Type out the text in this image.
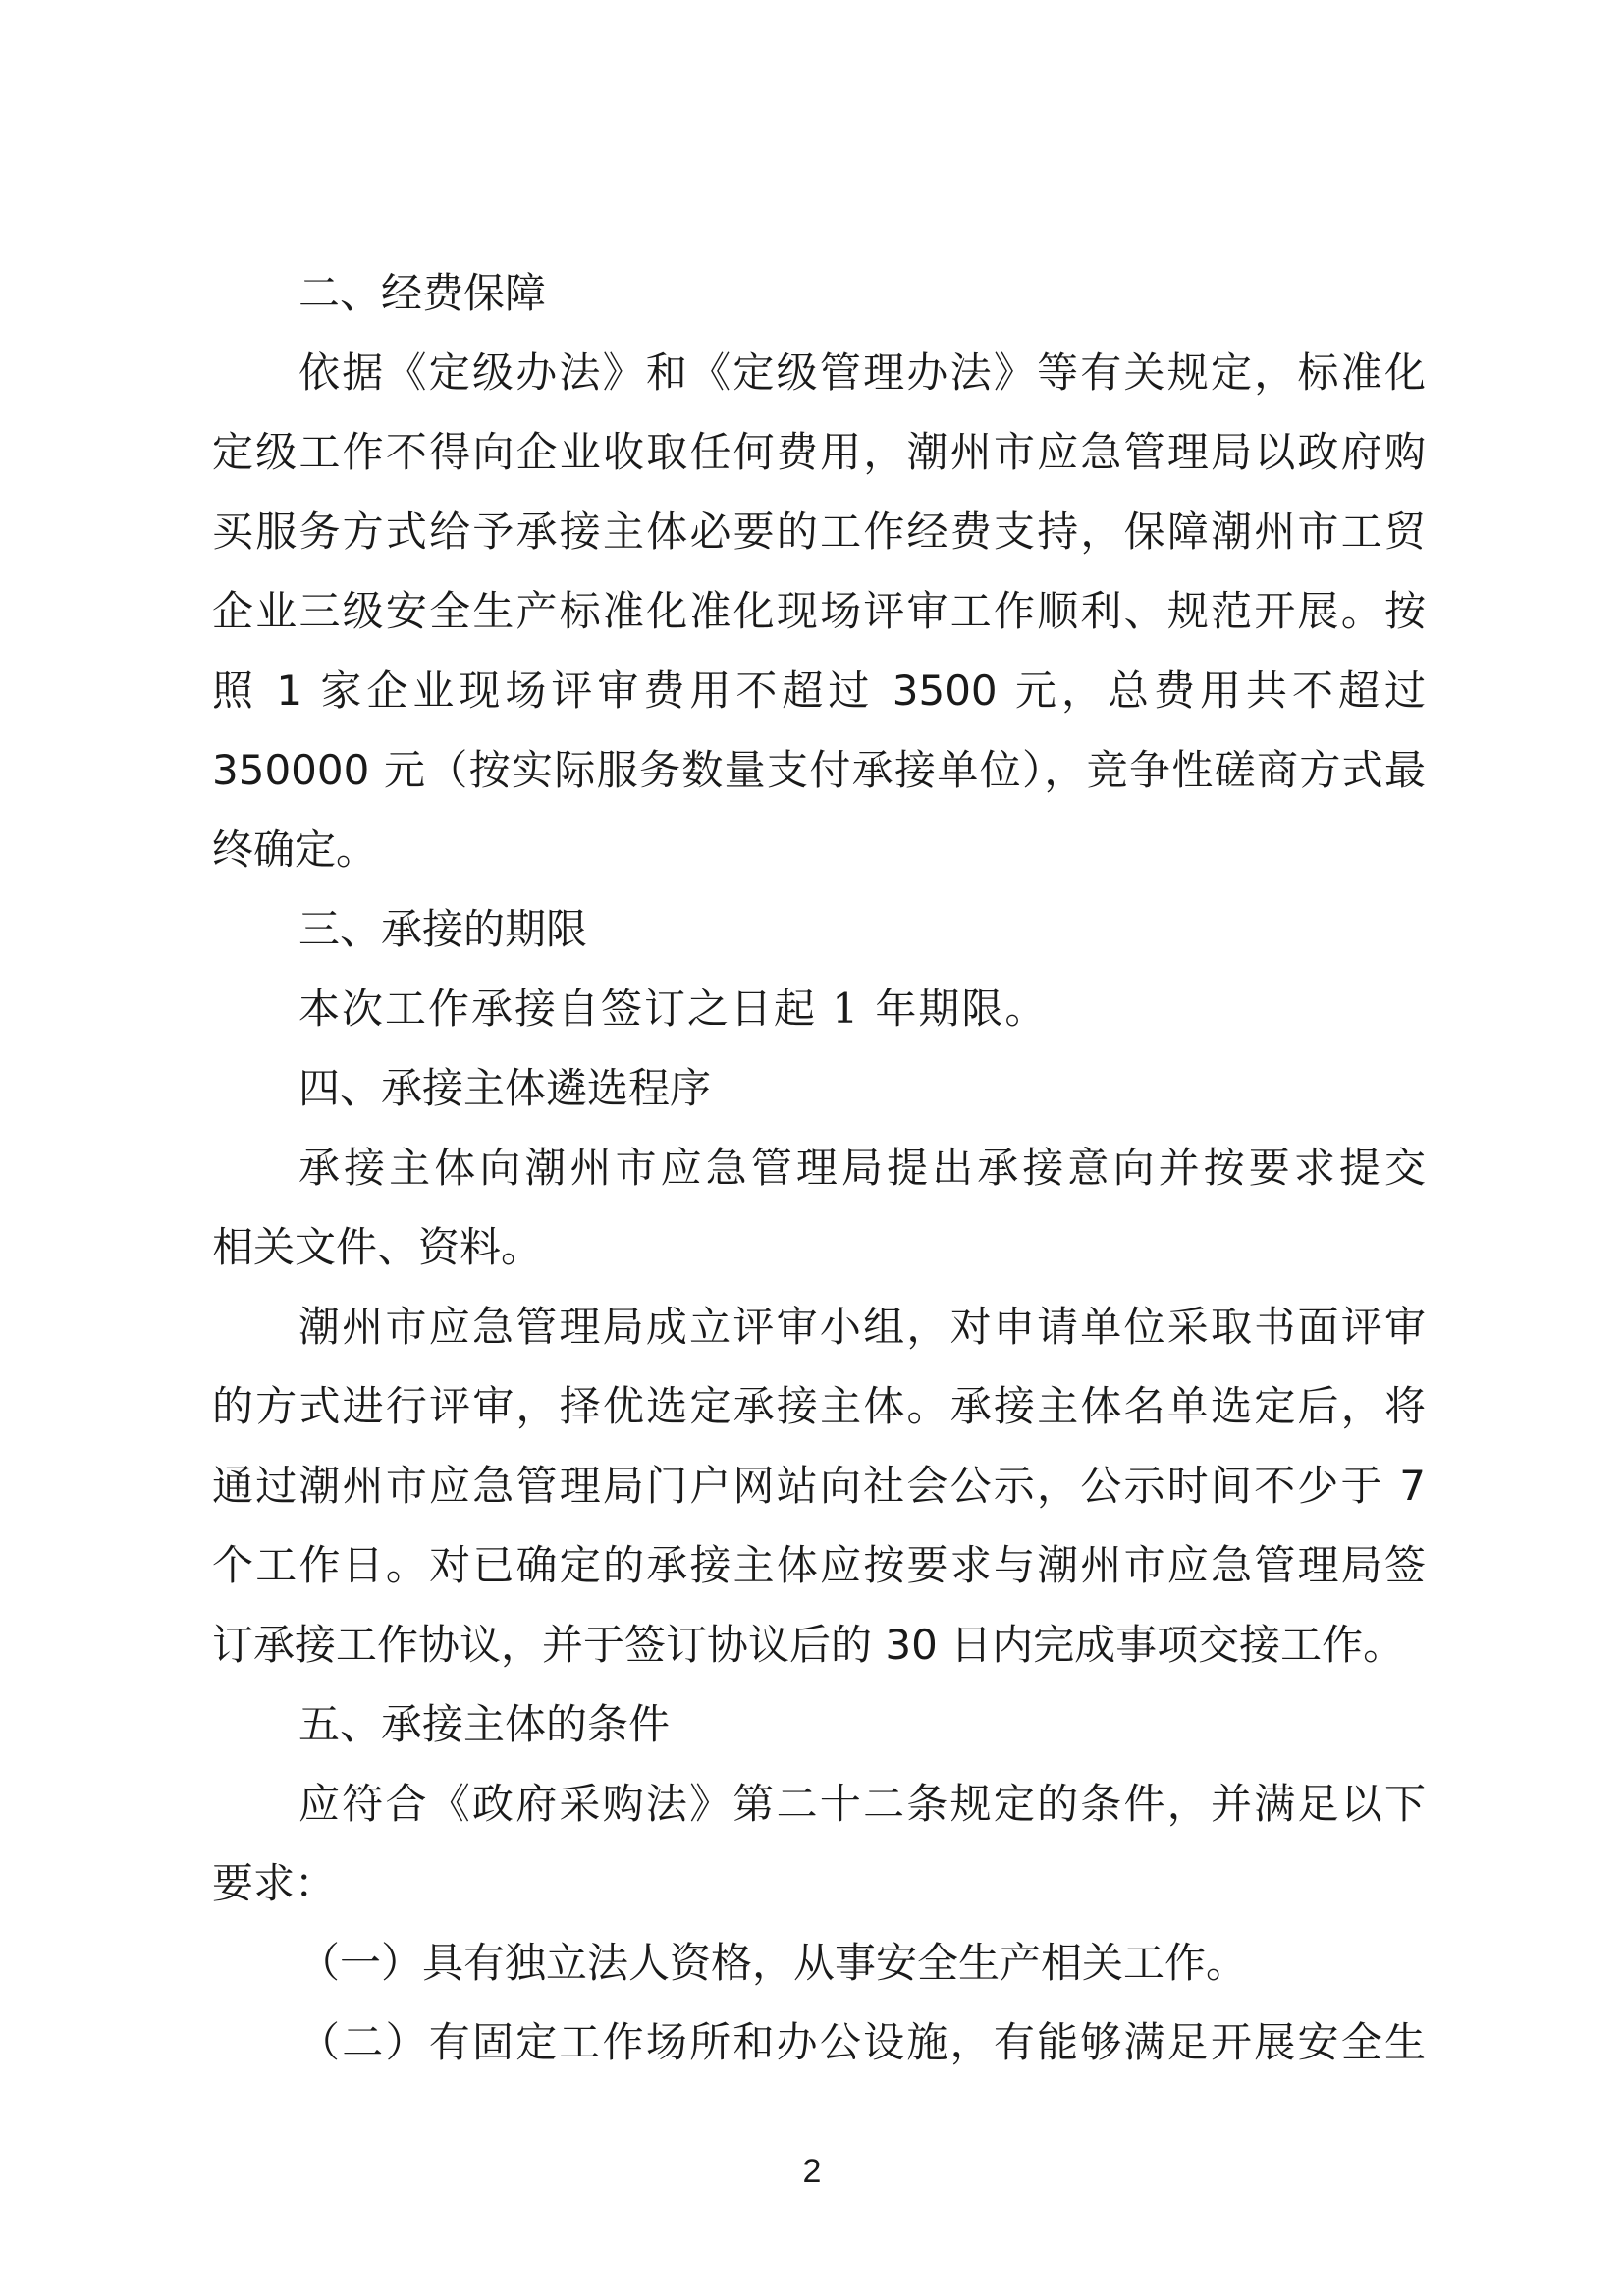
二、经费保障
依据《定级办法》和《定级管理办法》等有关规定，标准化
定级工作不得向企业收取任何费用，潮州市应急管理局以政府购
买服务方式给予承接主体必要的工作经费支持，保障潮州市工贸
企业三级安全生产标准化准化现场评审工作顺利、规范开展。按
照 1 家企业现场评审费用不超过 3500 元，总费用共不超过
350000 元（按实际服务数量支付承接单位），竞争性磋商方式最
终确定。
三、承接的期限
本次工作承接自签订之日起 1 年期限。
四、承接主体遴选程序
承接主体向潮州市应急管理局提出承接意向并按要求提交
相关文件、资料。
潮州市应急管理局成立评审小组，对申请单位采取书面评审
的方式进行评审，择优选定承接主体。承接主体名单选定后，将
通过潮州市应急管理局门户网站向社会公示，公示时间不少于 7
个工作日。对已确定的承接主体应按要求与潮州市应急管理局签
订承接工作协议，并于签订协议后的 30 日内完成事项交接工作。
五、承接主体的条件
应符合《政府采购法》第二十二条规定的条件，并满足以下
要求：
（一）具有独立法人资格，从事安全生产相关工作。
（二）有固定工作场所和办公设施，有能够满足开展安全生
2
